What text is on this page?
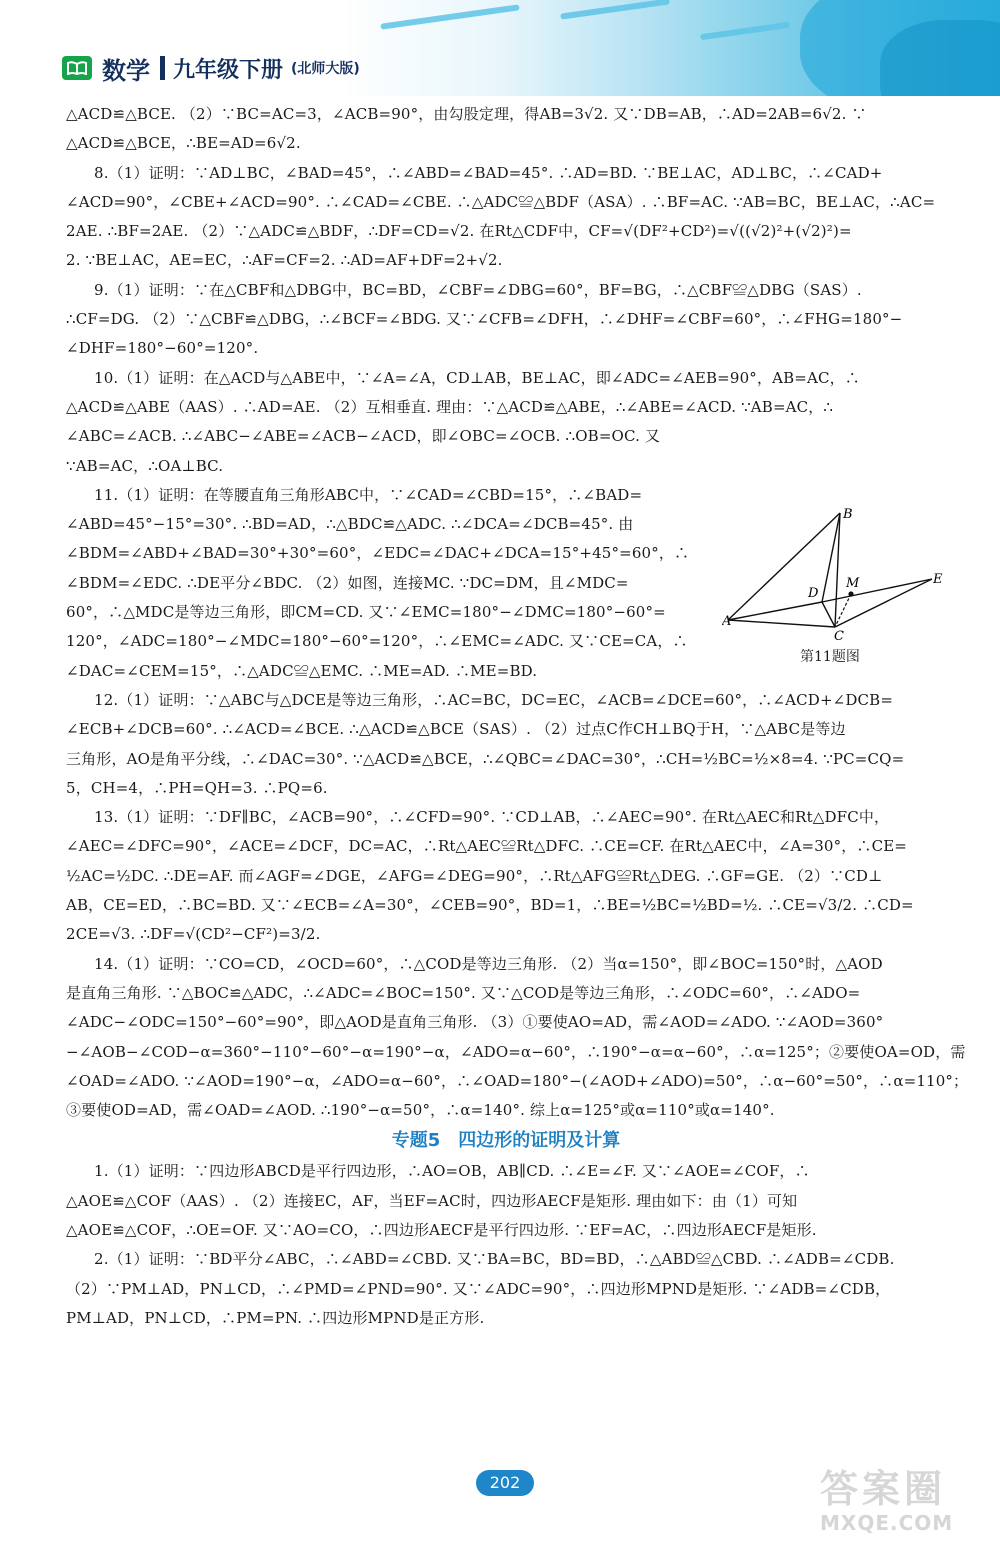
数学 九年级下册 (北师大版)
△ACD≌△BCE. （2）∵BC=AC=3，∠ACB=90°，由勾股定理，得AB=3√2. 又∵DB=AB，∴AD=2AB=6√2. ∵
△ACD≌△BCE，∴BE=AD=6√2.
8.（1）证明：∵AD⊥BC，∠BAD=45°，∴∠ABD=∠BAD=45°. ∴AD=BD. ∵BE⊥AC，AD⊥BC，∴∠CAD+
∠ACD=90°，∠CBE+∠ACD=90°. ∴∠CAD=∠CBE. ∴△ADC≌△BDF（ASA）. ∴BF=AC. ∵AB=BC，BE⊥AC，∴AC=
2AE. ∴BF=2AE. （2）∵△ADC≌△BDF，∴DF=CD=√2. 在Rt△CDF中，CF=√(DF²+CD²)=√((√2)²+(√2)²)=
2. ∵BE⊥AC，AE=EC，∴AF=CF=2. ∴AD=AF+DF=2+√2.
9.（1）证明：∵在△CBF和△DBG中，BC=BD，∠CBF=∠DBG=60°，BF=BG，∴△CBF≌△DBG（SAS）.
∴CF=DG. （2）∵△CBF≌△DBG，∴∠BCF=∠BDG. 又∵∠CFB=∠DFH，∴∠DHF=∠CBF=60°，∴∠FHG=180°−
∠DHF=180°−60°=120°.
10.（1）证明：在△ACD与△ABE中，∵∠A=∠A，CD⊥AB，BE⊥AC，即∠ADC=∠AEB=90°，AB=AC，∴
△ACD≌△ABE（AAS）. ∴AD=AE. （2）互相垂直. 理由：∵△ACD≌△ABE，∴∠ABE=∠ACD. ∵AB=AC，∴
∠ABC=∠ACB. ∴∠ABC−∠ABE=∠ACB−∠ACD，即∠OBC=∠OCB. ∴OB=OC. 又
∵AB=AC，∴OA⊥BC.
11.（1）证明：在等腰直角三角形ABC中，∵∠CAD=∠CBD=15°，∴∠BAD=
∠ABD=45°−15°=30°. ∴BD=AD，∴△BDC≌△ADC. ∴∠DCA=∠DCB=45°. 由
∠BDM=∠ABD+∠BAD=30°+30°=60°，∠EDC=∠DAC+∠DCA=15°+45°=60°，∴
∠BDM=∠EDC. ∴DE平分∠BDC. （2）如图，连接MC. ∵DC=DM，且∠MDC=
60°，∴△MDC是等边三角形，即CM=CD. 又∵∠EMC=180°−∠DMC=180°−60°=
120°，∠ADC=180°−∠MDC=180°−60°=120°，∴∠EMC=∠ADC. 又∵CE=CA，∴
∠DAC=∠CEM=15°，∴△ADC≌△EMC. ∴ME=AD. ∴ME=BD.
12.（1）证明：∵△ABC与△DCE是等边三角形，∴AC=BC，DC=EC，∠ACB=∠DCE=60°，∴∠ACD+∠DCB=
∠ECB+∠DCB=60°. ∴∠ACD=∠BCE. ∴△ACD≌△BCE（SAS）. （2）过点C作CH⊥BQ于H，∵△ABC是等边
三角形，AO是角平分线，∴∠DAC=30°. ∵△ACD≌△BCE，∴∠QBC=∠DAC=30°，∴CH=½BC=½×8=4. ∵PC=CQ=
5，CH=4，∴PH=QH=3. ∴PQ=6.
13.（1）证明：∵DF∥BC，∠ACB=90°，∴∠CFD=90°. ∵CD⊥AB，∴∠AEC=90°. 在Rt△AEC和Rt△DFC中，
∠AEC=∠DFC=90°，∠ACE=∠DCF，DC=AC，∴Rt△AEC≌Rt△DFC. ∴CE=CF. 在Rt△AEC中，∠A=30°，∴CE=
½AC=½DC. ∴DE=AF. 而∠AGF=∠DGE，∠AFG=∠DEG=90°，∴Rt△AFG≌Rt△DEG. ∴GF=GE. （2）∵CD⊥
AB，CE=ED，∴BC=BD. 又∵∠ECB=∠A=30°，∠CEB=90°，BD=1，∴BE=½BC=½BD=½. ∴CE=√3/2. ∴CD=
2CE=√3. ∴DF=√(CD²−CF²)=3/2.
14.（1）证明：∵CO=CD，∠OCD=60°，∴△COD是等边三角形. （2）当α=150°，即∠BOC=150°时，△AOD
是直角三角形. ∵△BOC≌△ADC，∴∠ADC=∠BOC=150°. 又∵△COD是等边三角形，∴∠ODC=60°，∴∠ADO=
∠ADC−∠ODC=150°−60°=90°，即△AOD是直角三角形. （3）①要使AO=AD，需∠AOD=∠ADO. ∵∠AOD=360°
−∠AOB−∠COD−α=360°−110°−60°−α=190°−α，∠ADO=α−60°，∴190°−α=α−60°，∴α=125°；②要使OA=OD，需
∠OAD=∠ADO. ∵∠AOD=190°−α，∠ADO=α−60°，∴∠OAD=180°−(∠AOD+∠ADO)=50°，∴α−60°=50°，∴α=110°；
③要使OD=AD，需∠OAD=∠AOD. ∴190°−α=50°，∴α=140°. 综上α=125°或α=110°或α=140°.
专题5　四边形的证明及计算
1.（1）证明：∵四边形ABCD是平行四边形，∴AO=OB，AB∥CD. ∴∠E=∠F. 又∵∠AOE=∠COF，∴
△AOE≌△COF（AAS）. （2）连接EC，AF，当EF=AC时，四边形AECF是矩形. 理由如下：由（1）可知
△AOE≌△COF，∴OE=OF. 又∵AO=CO，∴四边形AECF是平行四边形. ∵EF=AC，∴四边形AECF是矩形.
2.（1）证明：∵BD平分∠ABC，∴∠ABD=∠CBD. 又∵BA=BC，BD=BD，∴△ABD≌△CBD. ∴∠ADB=∠CDB.
（2）∵PM⊥AD，PN⊥CD，∴∠PMD=∠PND=90°. 又∵∠ADC=90°，∴四边形MPND是矩形. ∵∠ADB=∠CDB，
PM⊥AD，PN⊥CD，∴PM=PN. ∴四边形MPND是正方形.
A
B
C
D
E
M
第11题图
202	答案圈
MXQE.COM
